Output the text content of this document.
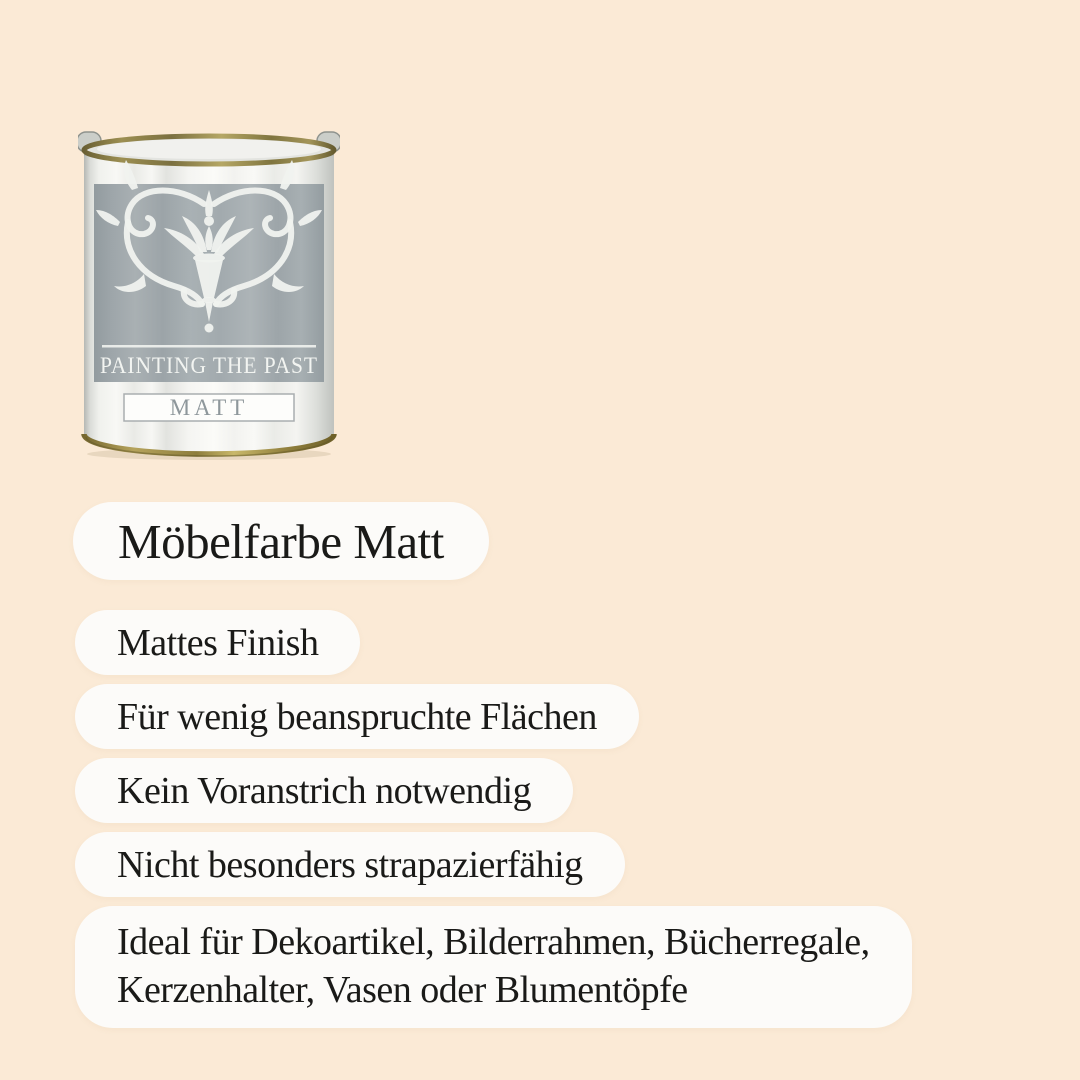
PAINTING THE PAST
MATT
Möbelfarbe Matt
Mattes Finish
Für wenig beanspruchte Flächen
Kein Voranstrich notwendig
Nicht besonders strapazierfähig
Ideal für Dekoartikel, Bilderrahmen, Bücherregale,
Kerzenhalter, Vasen oder Blumentöpfe
